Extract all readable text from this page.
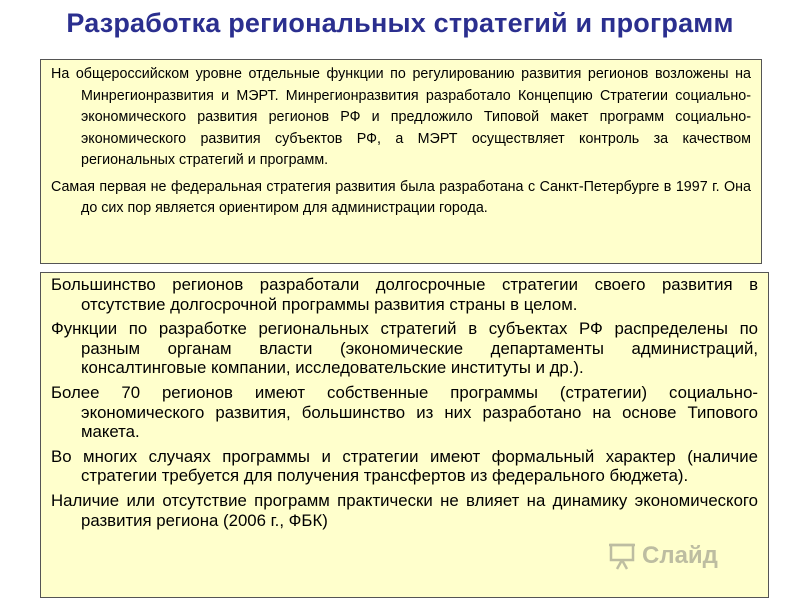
Разработка региональных стратегий и программ

На общероссийском уровне отдельные функции по регулированию развития регионов возложены на Минрегионразвития и МЭРТ. Минрегионразвития разработало Концепцию Стратегии социально-экономического развития регионов РФ и предложило Типовой макет программ социально-экономического развития субъектов РФ, а МЭРТ осуществляет контроль за качеством региональных стратегий и программ.

Самая первая не федеральная стратегия развития была разработана с Санкт-Петербурге в 1997 г. Она до сих пор является ориентиром для администрации города.

Большинство регионов разработали долгосрочные стратегии своего развития в отсутствие долгосрочной программы развития страны в целом.

Функции по разработке региональных стратегий в субъектах РФ распределены по разным органам власти (экономические департаменты администраций, консалтинговые компании, исследовательские институты и др.).

Более 70 регионов имеют собственные программы (стратегии) социально-экономического развития, большинство из них разработано на основе Типового макета.

Во многих случаях программы и стратегии имеют формальный характер (наличие стратегии требуется для получения трансфертов из федерального бюджета).

Наличие или отсутствие программ практически не влияет на динамику экономического развития региона (2006 г., ФБК)

Слайд
